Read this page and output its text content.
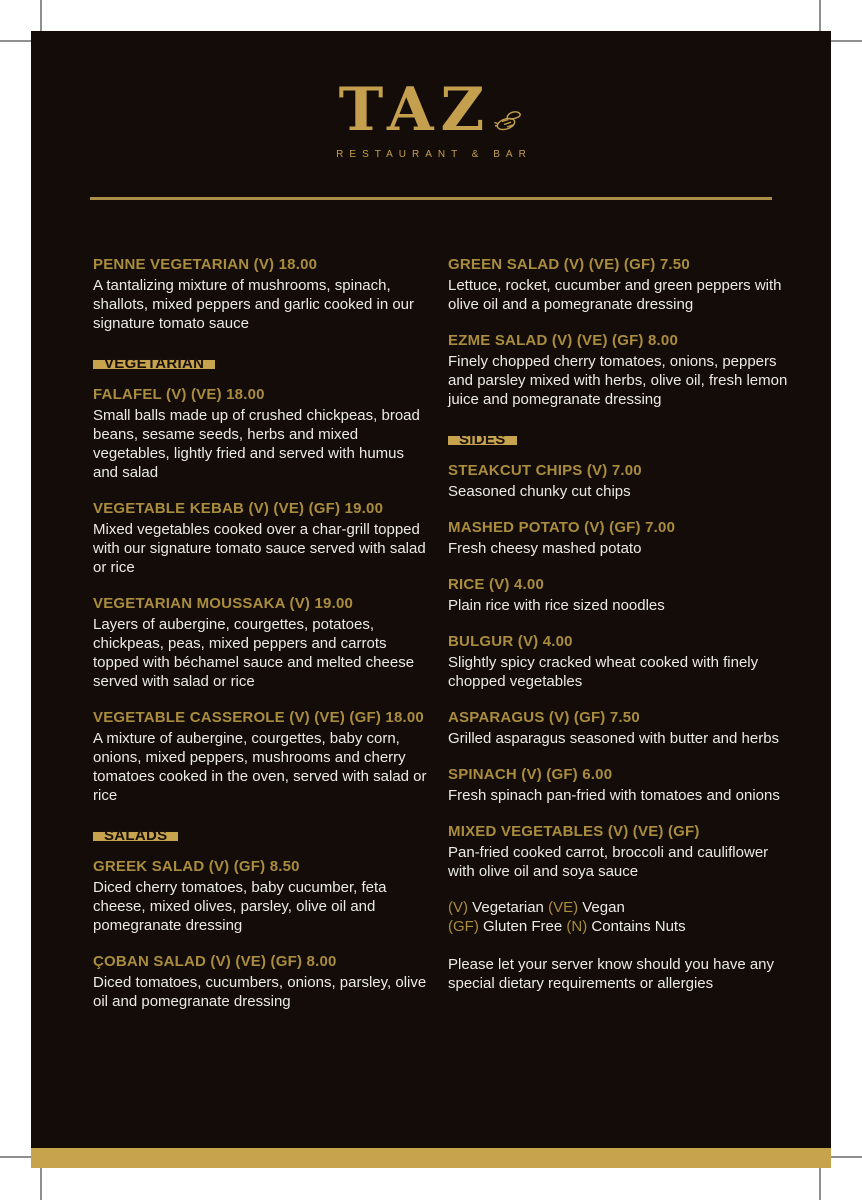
TAZ
RESTAURANT & BAR
PENNE VEGETARIAN (V) 18.00
A tantalizing mixture of mushrooms, spinach, shallots, mixed peppers and garlic cooked in our signature tomato sauce
VEGETARIAN
FALAFEL (V) (VE) 18.00
Small balls made up of crushed chickpeas, broad beans, sesame seeds, herbs and mixed vegetables, lightly fried and served with humus and salad
VEGETABLE KEBAB (V) (VE) (GF) 19.00
Mixed vegetables cooked over a char-grill topped with our signature tomato sauce served with salad or rice
VEGETARIAN MOUSSAKA (V) 19.00
Layers of aubergine, courgettes, potatoes, chickpeas, peas, mixed peppers and carrots topped with béchamel sauce and melted cheese served with salad or rice
VEGETABLE CASSEROLE (V) (VE) (GF) 18.00
A mixture of aubergine, courgettes, baby corn, onions, mixed peppers, mushrooms and cherry tomatoes cooked in the oven, served with salad or rice
SALADS
GREEK SALAD (V) (GF) 8.50
Diced cherry tomatoes, baby cucumber, feta cheese, mixed olives, parsley, olive oil and pomegranate dressing
ÇOBAN SALAD (V) (VE) (GF) 8.00
Diced tomatoes, cucumbers, onions, parsley, olive oil and pomegranate dressing
GREEN SALAD (V) (VE) (GF) 7.50
Lettuce, rocket, cucumber and green peppers with olive oil and a pomegranate dressing
EZME SALAD (V) (VE) (GF) 8.00
Finely chopped cherry tomatoes, onions, peppers and parsley mixed with herbs, olive oil, fresh lemon juice and pomegranate dressing
SIDES
STEAKCUT CHIPS (V) 7.00
Seasoned chunky cut chips
MASHED POTATO (V) (GF) 7.00
Fresh cheesy mashed potato
RICE (V) 4.00
Plain rice with rice sized noodles
BULGUR (V) 4.00
Slightly spicy cracked wheat cooked with finely chopped vegetables
ASPARAGUS (V) (GF) 7.50
Grilled asparagus seasoned with butter and herbs
SPINACH (V) (GF) 6.00
Fresh spinach pan-fried with tomatoes and onions
MIXED VEGETABLES (V) (VE) (GF)
Pan-fried cooked carrot, broccoli and cauliflower with olive oil and soya sauce
(V) Vegetarian (VE) Vegan
(GF) Gluten Free (N) Contains Nuts
Please let your server know should you have any special dietary requirements or allergies
